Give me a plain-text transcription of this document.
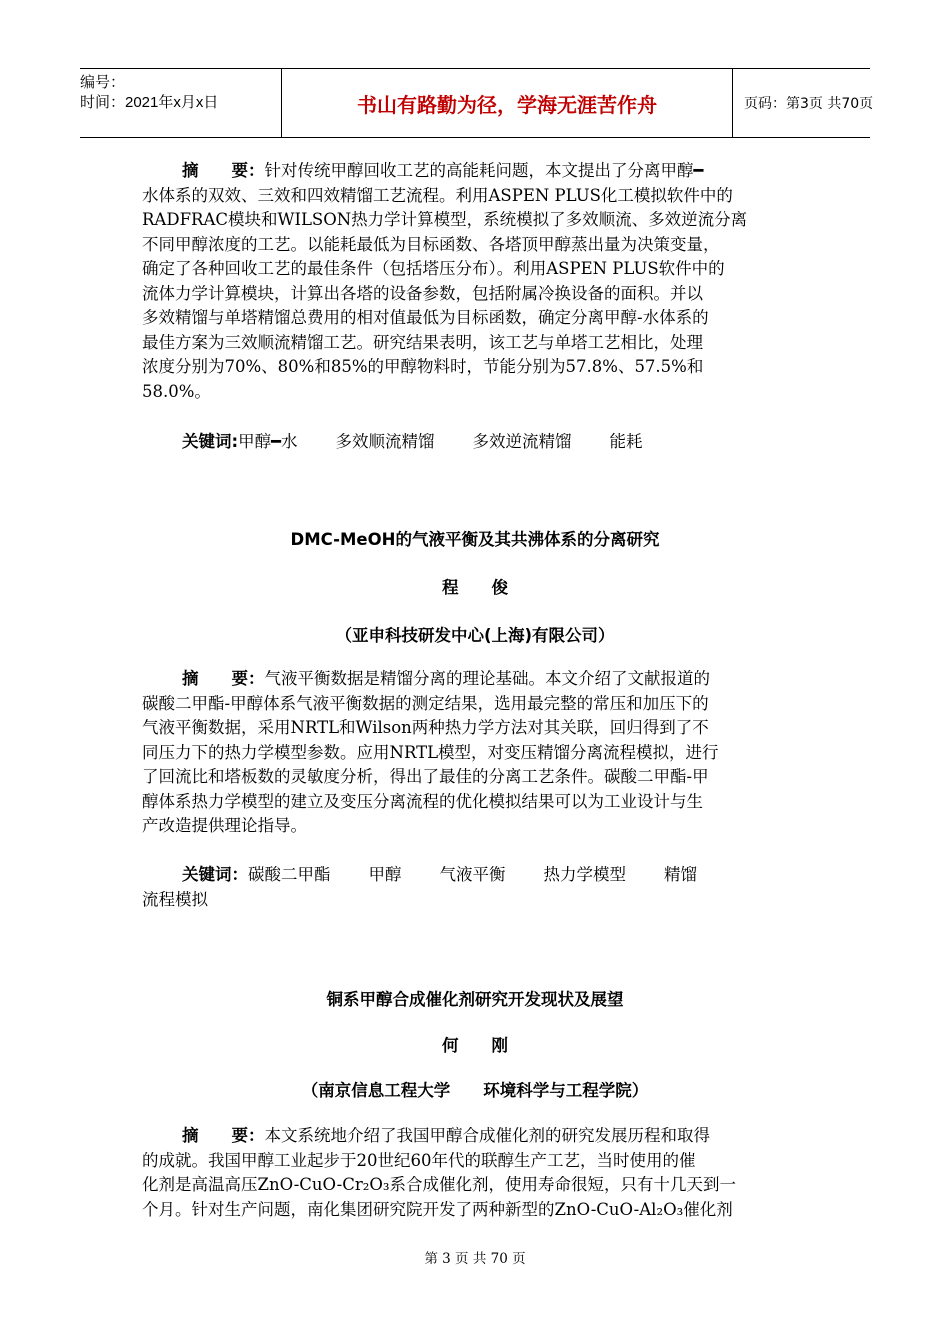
编号：
时间：2021年x月x日	书山有路勤为径，学海无涯苦作舟	页码：第3页 共70页
摘　　要：针对传统甲醇回收工艺的高能耗问题，本文提出了分离甲醇━
水体系的双效、三效和四效精馏工艺流程。利用ASPEN PLUS化工模拟软件中的
RADFRAC模块和WILSON热力学计算模型，系统模拟了多效顺流、多效逆流分离
不同甲醇浓度的工艺。以能耗最低为目标函数、各塔顶甲醇蒸出量为决策变量，
确定了各种回收工艺的最佳条件（包括塔压分布）。利用ASPEN PLUS软件中的
流体力学计算模块，计算出各塔的设备参数，包括附属冷换设备的面积。并以
多效精馏与单塔精馏总费用的相对值最低为目标函数，确定分离甲醇-水体系的
最佳方案为三效顺流精馏工艺。研究结果表明，该工艺与单塔工艺相比，处理
浓度分别为70%、80%和85%的甲醇物料时，节能分别为57.8%、57.5%和
58.0%。
关键词:甲醇━水 多效顺流精馏 多效逆流精馏 能耗
DMC-MeOH的气液平衡及其共沸体系的分离研究
程　　俊
（亚申科技研发中心(上海)有限公司）
摘　　要：气液平衡数据是精馏分离的理论基础。本文介绍了文献报道的
碳酸二甲酯-甲醇体系气液平衡数据的测定结果，选用最完整的常压和加压下的
气液平衡数据，采用NRTL和Wilson两种热力学方法对其关联，回归得到了不
同压力下的热力学模型参数。应用NRTL模型，对变压精馏分离流程模拟，进行
了回流比和塔板数的灵敏度分析，得出了最佳的分离工艺条件。碳酸二甲酯-甲
醇体系热力学模型的建立及变压分离流程的优化模拟结果可以为工业设计与生
产改造提供理论指导。
关键词：碳酸二甲酯 甲醇 气液平衡 热力学模型 精馏
流程模拟
铜系甲醇合成催化剂研究开发现状及展望
何　　刚
（南京信息工程大学　　环境科学与工程学院）
摘　　要：本文系统地介绍了我国甲醇合成催化剂的研究发展历程和取得
的成就。我国甲醇工业起步于20世纪60年代的联醇生产工艺，当时使用的催
化剂是高温高压ZnO-CuO-Cr₂O₃系合成催化剂，使用寿命很短，只有十几天到一
个月。针对生产问题，南化集团研究院开发了两种新型的ZnO-CuO-Al₂O₃催化剂
第 3 页 共 70 页
